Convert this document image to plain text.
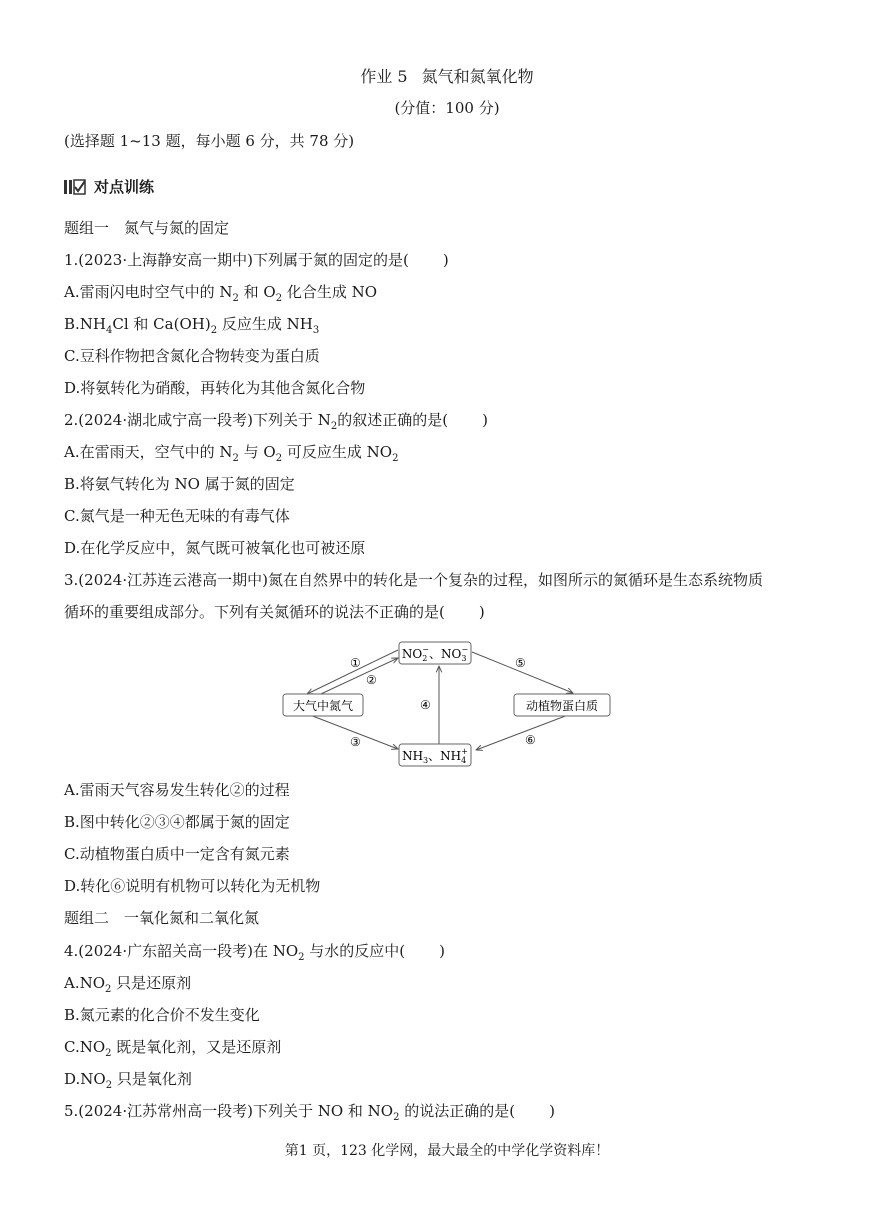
作业 5 氮气和氮氧化物
(分值：100 分)
(选择题 1~13 题，每小题 6 分，共 78 分)
对点训练
题组一　氮气与氮的固定
1.(2023·上海静安高一期中)下列属于氮的固定的是( )
A.雷雨闪电时空气中的 $N_2$ 和 $O_2$ 化合生成 NO
$B.NH_4Cl$ 和 $Ca(OH)_2$ 反应生成 $NH_3$
C.豆科作物把含氮化合物转变为蛋白质
D.将氨转化为硝酸，再转化为其他含氮化合物
2.(2024·湖北咸宁高一段考)下列关于 $N_2$的叙述正确的是( )
A.在雷雨天，空气中的 $N_2$ 与 $O_2$ 可反应生成 $NO_2$
B.将氨气转化为 NO 属于氮的固定
C.氮气是一种无色无味的有毒气体
D.在化学反应中，氮气既可被氧化也可被还原
3.(2024·江苏连云港高一期中)氮在自然界中的转化是一个复杂的过程，如图所示的氮循环是生态系统物质
循环的重要组成部分。下列有关氮循环的说法不正确的是( )
$NO_2-$、$NO_3-$
大气中氮气	动植物蛋白质
$NH_3$、$NH_4+$
①
②
③
④
⑤
⑥
A.雷雨天气容易发生转化②的过程
B.图中转化②③④都属于氮的固定
C.动植物蛋白质中一定含有氮元素
D.转化⑥说明有机物可以转化为无机物
题组二　一氧化氮和二氧化氮
4.(2024·广东韶关高一段考)在 $NO_2$ 与水的反应中( )
$A.NO_2$ 只是还原剂
B.氮元素的化合价不发生变化
$C.NO_2$ 既是氧化剂，又是还原剂
$D.NO_2$ 只是氧化剂
5.(2024·江苏常州高一段考)下列关于 NO 和 $NO_2$ 的说法正确的是( )
第1 页，123 化学网，最大最全的中学化学资料库！
